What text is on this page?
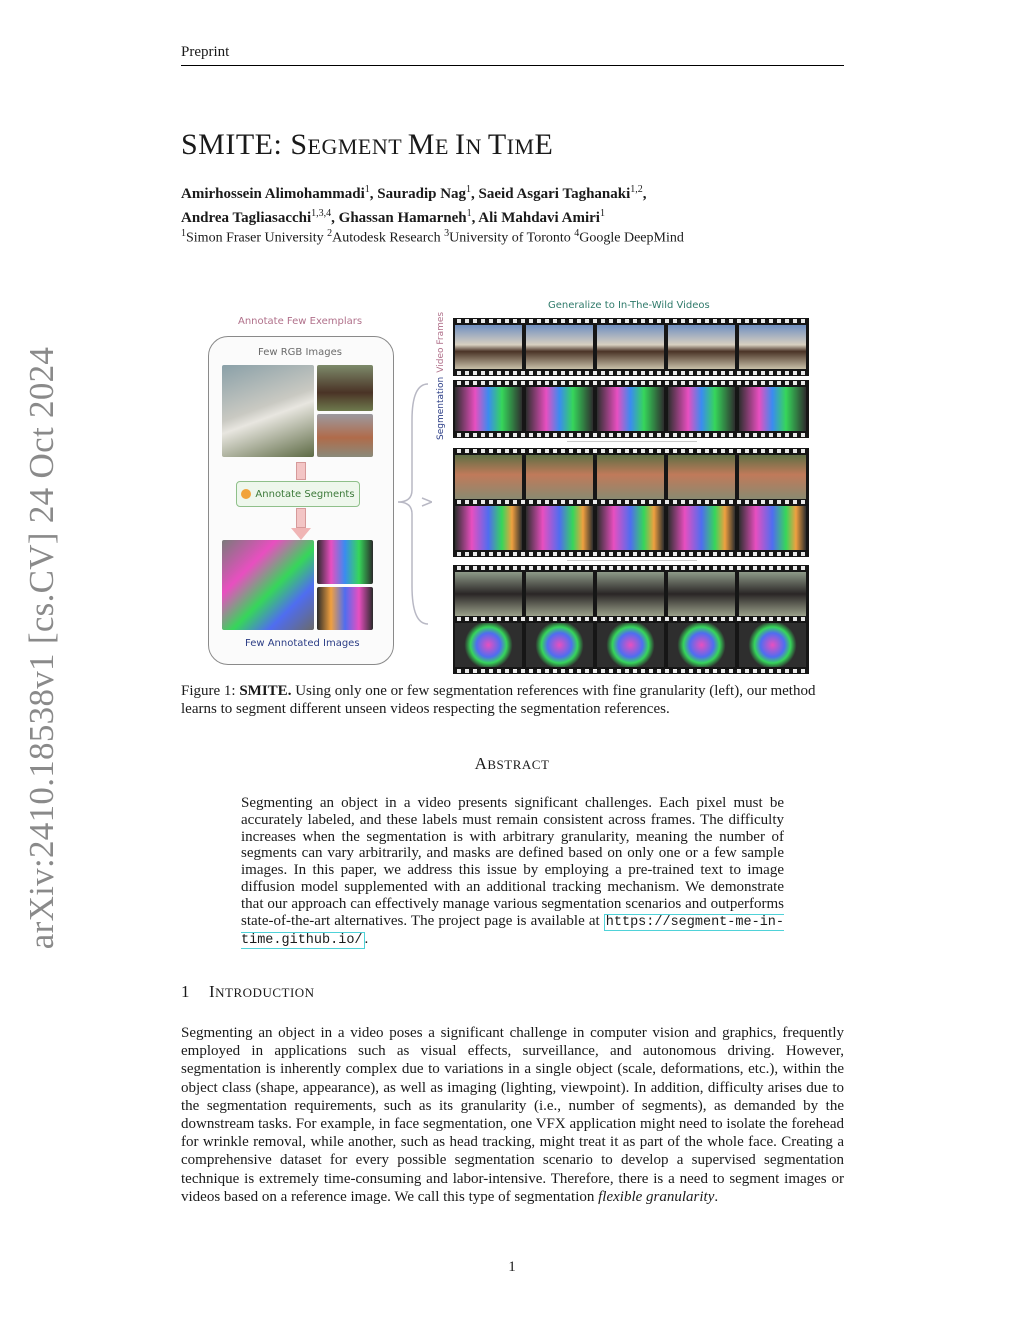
Preprint
arXiv:2410.18538v1 [cs.CV] 24 Oct 2024
SMITE: SEGMENT ME IN TIME
Amirhossein Alimohammadi$^1$, Sauradip Nag$^1$, Saeid Asgari Taghanaki$^{1,2}$,
Andrea Tagliasacchi$^{1,3,4}$, Ghassan Hamarneh$^1$, Ali Mahdavi Amiri$^1$
$^1$Simon Fraser University $^2$Autodesk Research $^3$University of Toronto $^4$Google DeepMind
Annotate Few Exemplars
Few RGB Images
Annotate Segments
Few Annotated Images
Generalize to In-The-Wild Videos
SegmentationVideo Frames
Figure 1: SMITE. Using only one or few segmentation references with fine granularity (left), our method learns to segment different unseen videos respecting the segmentation references.
ABSTRACT
Segmenting an object in a video presents significant challenges. Each pixel must be accurately labeled, and these labels must remain consistent across frames. The difficulty increases when the segmentation is with arbitrary granularity, meaning the number of segments can vary arbitrarily, and masks are defined based on only one or a few sample images. In this paper, we address this issue by employing a pre-trained text to image diffusion model supplemented with an additional tracking mechanism. We demonstrate that our approach can effectively manage various segmentation scenarios and outperforms state-of-the-art alternatives. The project page is available at https://segment-me-in-time.github.io/ .
1 INTRODUCTION
Segmenting an object in a video poses a significant challenge in computer vision and graphics, frequently employed in applications such as visual effects, surveillance, and autonomous driving. However, segmentation is inherently complex due to variations in a single object (scale, deformations, etc.), within the object class (shape, appearance), as well as imaging (lighting, viewpoint). In addition, difficulty arises due to the segmentation requirements, such as its granularity (i.e., number of segments), as demanded by the downstream tasks. For example, in face segmentation, one VFX application might need to isolate the forehead for wrinkle removal, while another, such as head tracking, might treat it as part of the whole face. Creating a comprehensive dataset for every possible segmentation scenario to develop a supervised segmentation technique is extremely time-consuming and labor-intensive. Therefore, there is a need to segment images or videos based on a reference image. We call this type of segmentation flexible granularity.
1
